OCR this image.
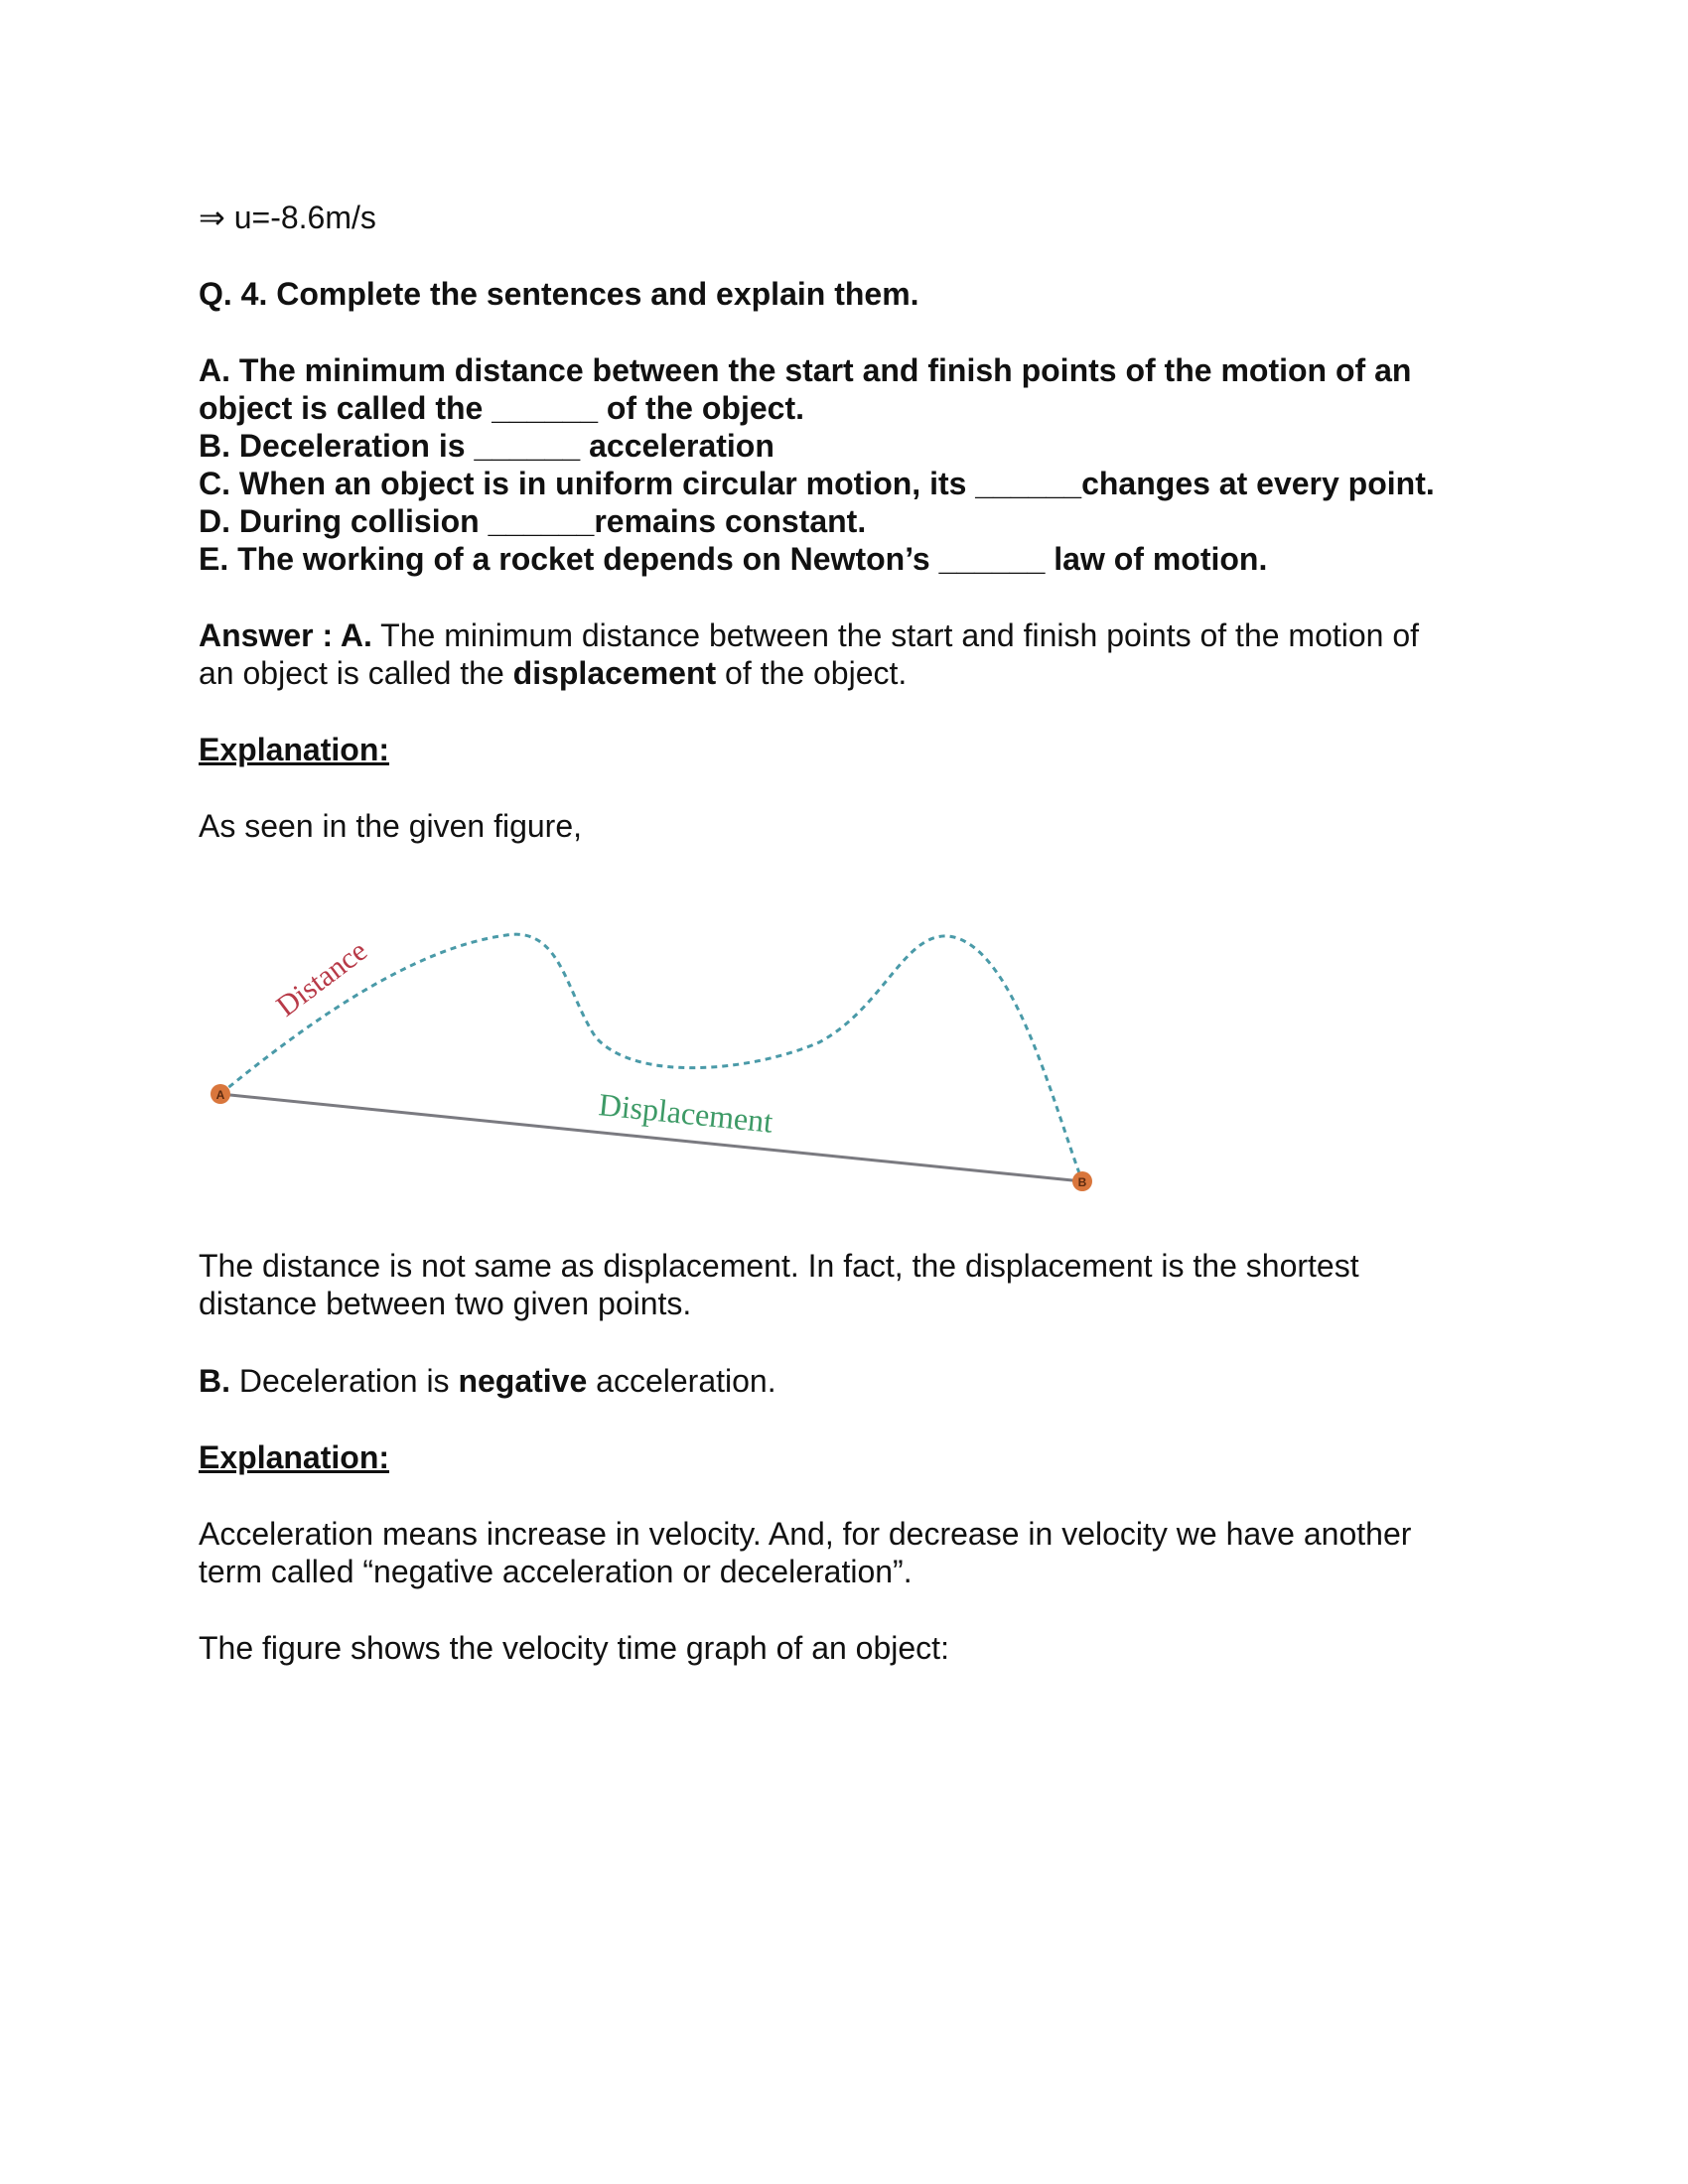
⇒ u=-8.6m/s
Q. 4. Complete the sentences and explain them.
A. The minimum distance between the start and finish points of the motion of an
object is called the ______ of the object.
B. Deceleration is ______ acceleration
C. When an object is in uniform circular motion, its ______changes at every point.
D. During collision ______remains constant.
E. The working of a rocket depends on Newton’s ______ law of motion.
Answer : A. The minimum distance between the start and finish points of the motion of
an object is called the displacement of the object.
Explanation:
As seen in the given figure,
Distance
Displacement
A
B
The distance is not same as displacement. In fact, the displacement is the shortest
distance between two given points.
B. Deceleration is negative acceleration.
Explanation:
Acceleration means increase in velocity. And, for decrease in velocity we have another
term called “negative acceleration or deceleration”.
The figure shows the velocity time graph of an object:
